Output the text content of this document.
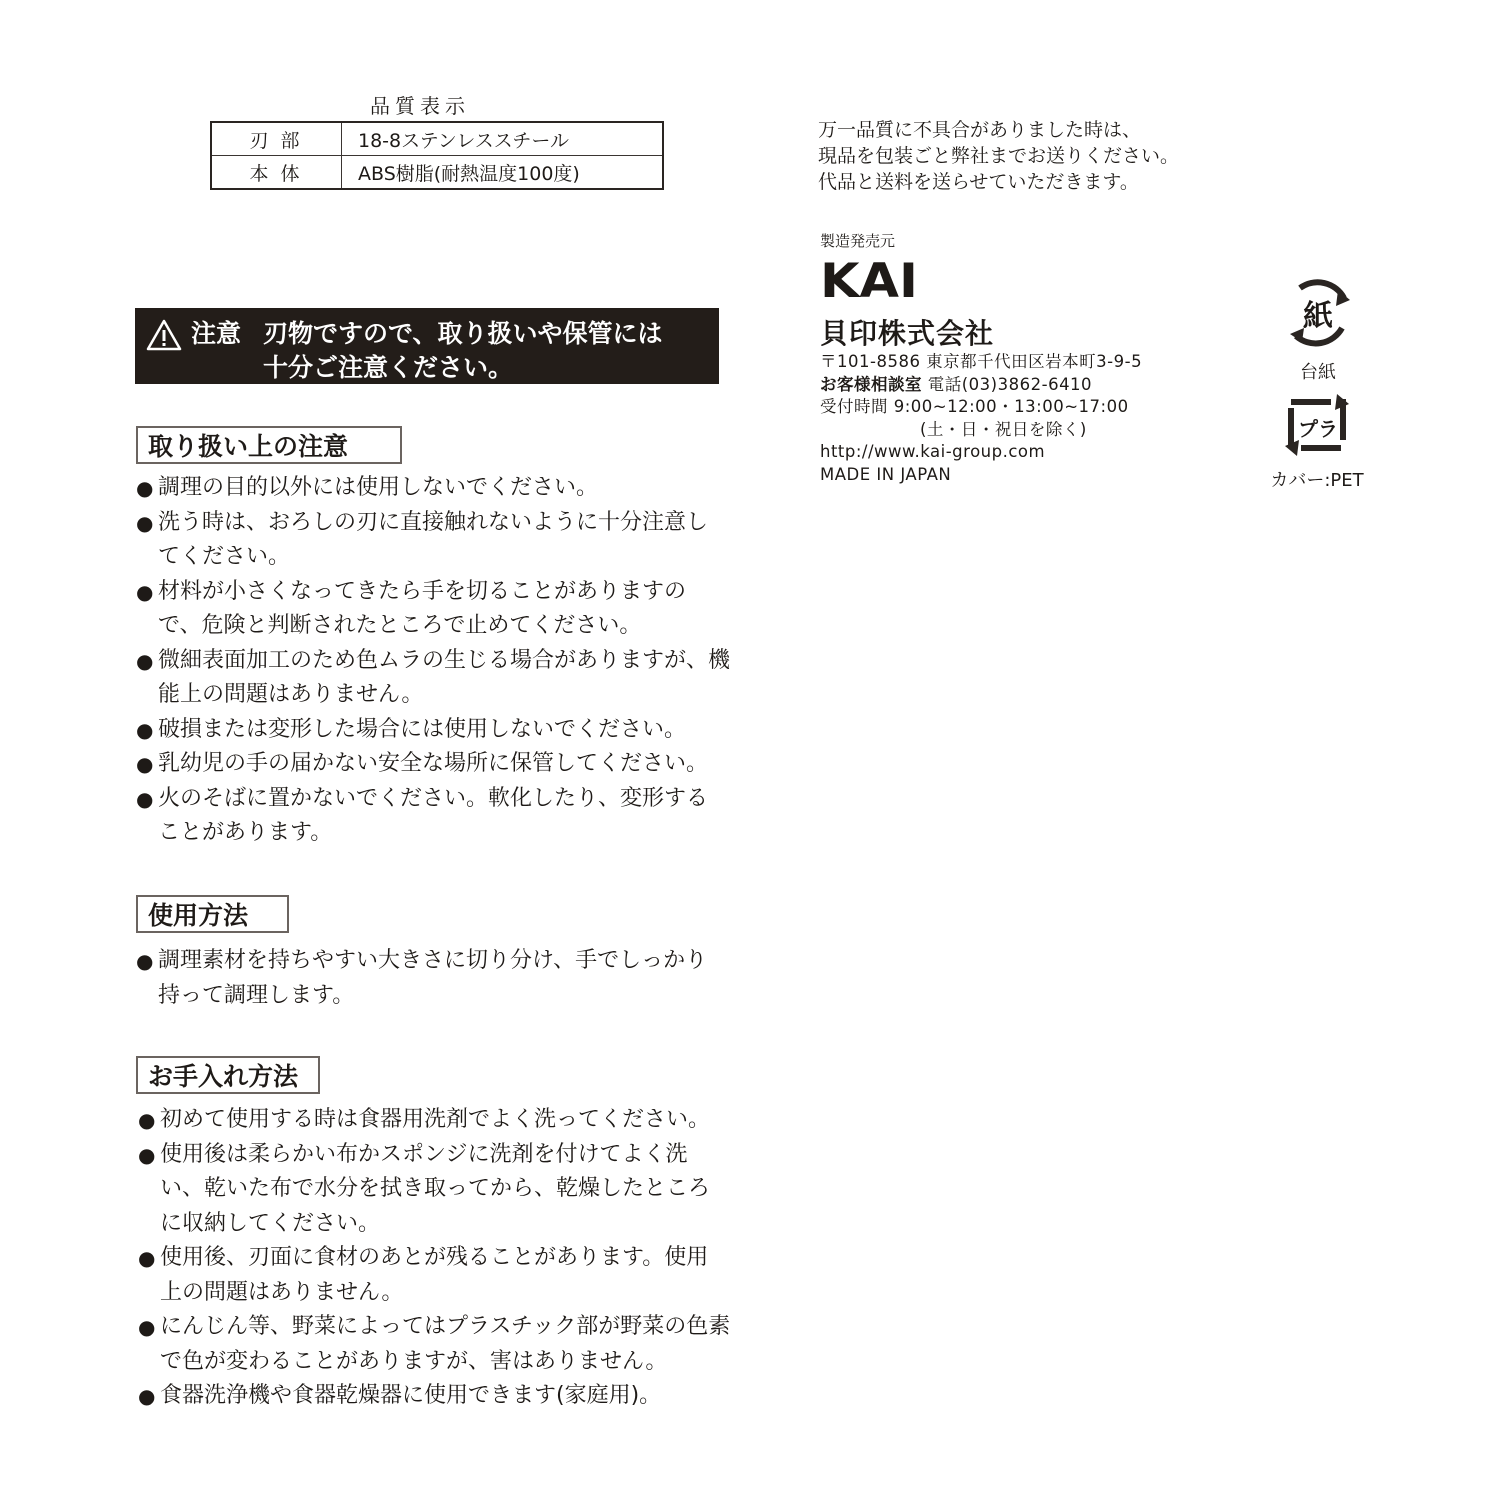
品質表示
刃部	18-8ステンレススチール
本体	ABS樹脂(耐熱温度100度)
注意 刃物ですので、取り扱いや保管には
十分ご注意ください。
取り扱い上の注意
● 調理の目的以外には使用しないでください。
● 洗う時は、おろしの刃に直接触れないように十分注意してください。
● 材料が小さくなってきたら手を切ることがありますので、危険と判断されたところで止めてください。
● 微細表面加工のため色ムラの生じる場合がありますが、機能上の問題はありません。
● 破損または変形した場合には使用しないでください。
● 乳幼児の手の届かない安全な場所に保管してください。
● 火のそばに置かないでください。軟化したり、変形することがあります。
使用方法
● 調理素材を持ちやすい大きさに切り分け、手でしっかり持って調理します。
お手入れ方法
● 初めて使用する時は食器用洗剤でよく洗ってください。
● 使用後は柔らかい布かスポンジに洗剤を付けてよく洗い、乾いた布で水分を拭き取ってから、乾燥したところに収納してください。
● 使用後、刃面に食材のあとが残ることがあります。使用上の問題はありません。
● にんじん等、野菜によってはプラスチック部が野菜の色素で色が変わることがありますが、害はありません。
● 食器洗浄機や食器乾燥器に使用できます(家庭用)。
万一品質に不具合がありました時は、
現品を包装ごと弊社までお送りください。
代品と送料を送らせていただきます。
製造発売元
KAI
貝印株式会社
〒101-8586 東京都千代田区岩本町3-9-5
お客様相談室 電話(03)3862-6410
受付時間 9:00~12:00・13:00~17:00
(土・日・祝日を除く)
http://www.kai-group.com
MADE IN JAPAN
紙
台紙
プラ
カバー:PET
